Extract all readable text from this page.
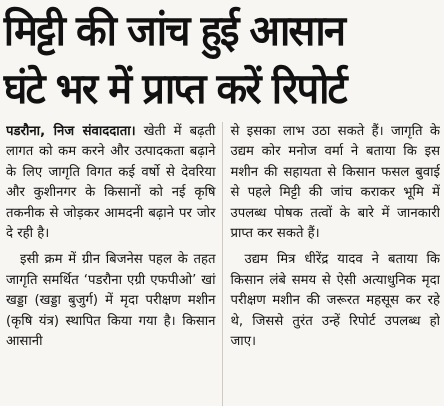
मिट्टी की जांच हुई आसान
घंटे भर में प्राप्त करें रिपोर्ट

पडरौना, निज संवाददाता। खेती में बढ़ती लागत को कम करने और उत्पादकता बढ़ाने के लिए जागृति विगत कई वर्षो से देवरिया और कुशीनगर के किसानों को नई कृषि तकनीक से जोड़कर आमदनी बढ़ाने पर जोर दे रही है।

इसी क्रम में ग्रीन बिजनेस पहल के तहत जागृति समर्थित ‘पडरौना एग्री एफपीओ’ खां खड्डा (खड्डा बुजुर्ग) में मृदा परीक्षण मशीन (कृषि यंत्र) स्थापित किया गया है। किसान आसानी

से इसका लाभ उठा सकते हैं। जागृति के उद्यम कोर मनोज वर्मा ने बताया कि इस मशीन की सहायता से किसान फसल बुवाई से पहले मिट्टी की जांच कराकर भूमि में उपलब्ध पोषक तत्वों के बारे में जानकारी प्राप्त कर सकते हैं।

उद्यम मित्र धीरेंद्र यादव ने बताया कि किसान लंबे समय से ऐसी अत्याधुनिक मृदा परीक्षण मशीन की जरूरत महसूस कर रहे थे, जिससे तुरंत उन्हें रिपोर्ट उपलब्ध हो जाए।
